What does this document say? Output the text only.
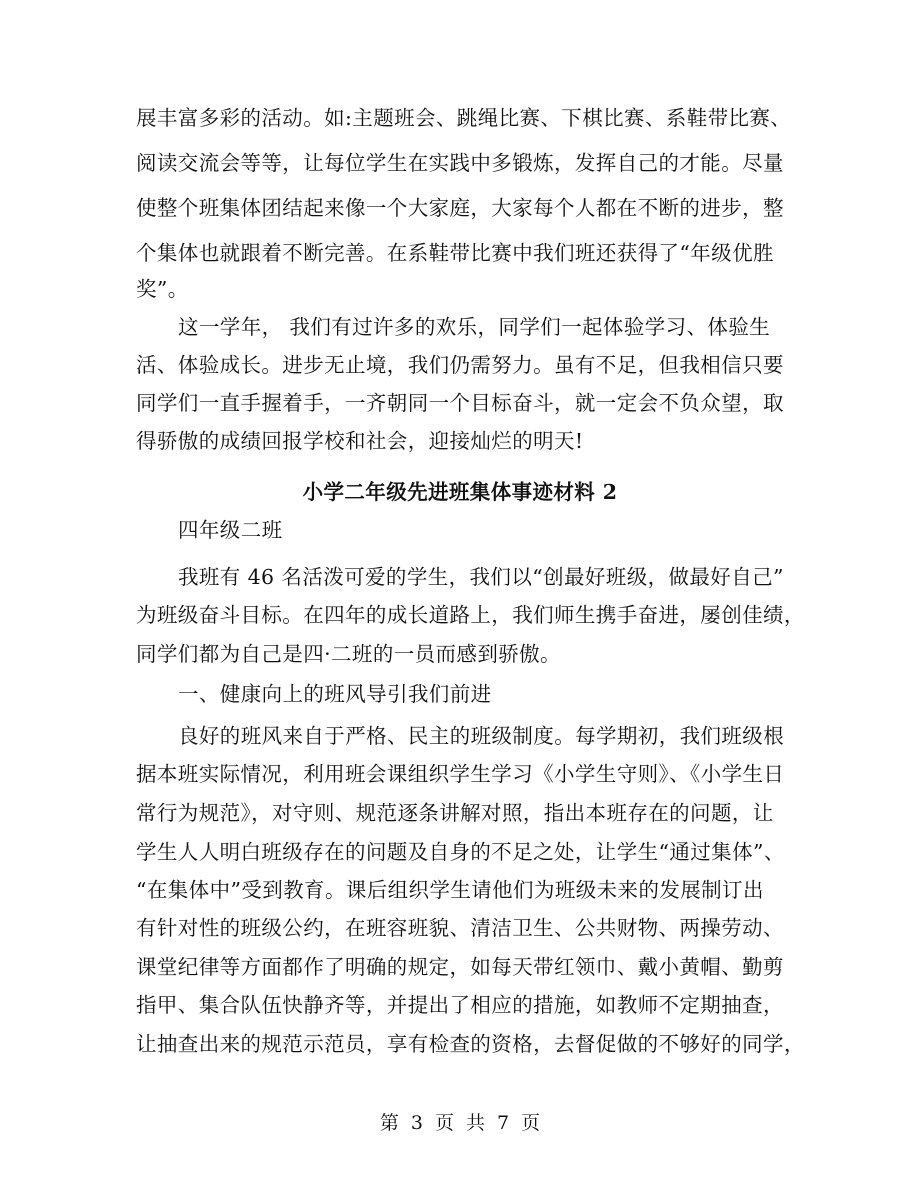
展丰富多彩的活动。如:主题班会、跳绳比赛、下棋比赛、系鞋带比赛、
阅读交流会等等，让每位学生在实践中多锻炼，发挥自己的才能。尽量
使整个班集体团结起来像一个大家庭，大家每个人都在不断的进步，整
个集体也就跟着不断完善。在系鞋带比赛中我们班还获得了“年级优胜
奖”。
这一学年， 我们有过许多的欢乐，同学们一起体验学习、体验生
活、体验成长。进步无止境，我们仍需努力。虽有不足，但我相信只要
同学们一直手握着手，一齐朝同一个目标奋斗，就一定会不负众望，取
得骄傲的成绩回报学校和社会，迎接灿烂的明天!
小学二年级先进班集体事迹材料 2
四年级二班
我班有 46 名活泼可爱的学生，我们以“创最好班级，做最好自己”
为班级奋斗目标。在四年的成长道路上，我们师生携手奋进，屡创佳绩，
同学们都为自己是四·二班的一员而感到骄傲。
一、健康向上的班风导引我们前进
良好的班风来自于严格、民主的班级制度。每学期初，我们班级根
据本班实际情况，利用班会课组织学生学习《小学生守则》、《小学生日
常行为规范》，对守则、规范逐条讲解对照，指出本班存在的问题，让
学生人人明白班级存在的问题及自身的不足之处，让学生“通过集体”、
“在集体中”受到教育。课后组织学生请他们为班级未来的发展制订出
有针对性的班级公约，在班容班貌、清洁卫生、公共财物、两操劳动、
课堂纪律等方面都作了明确的规定，如每天带红领巾、戴小黄帽、勤剪
指甲、集合队伍快静齐等，并提出了相应的措施，如教师不定期抽查，
让抽查出来的规范示范员，享有检查的资格，去督促做的不够好的同学，
第 3 页 共 7 页
